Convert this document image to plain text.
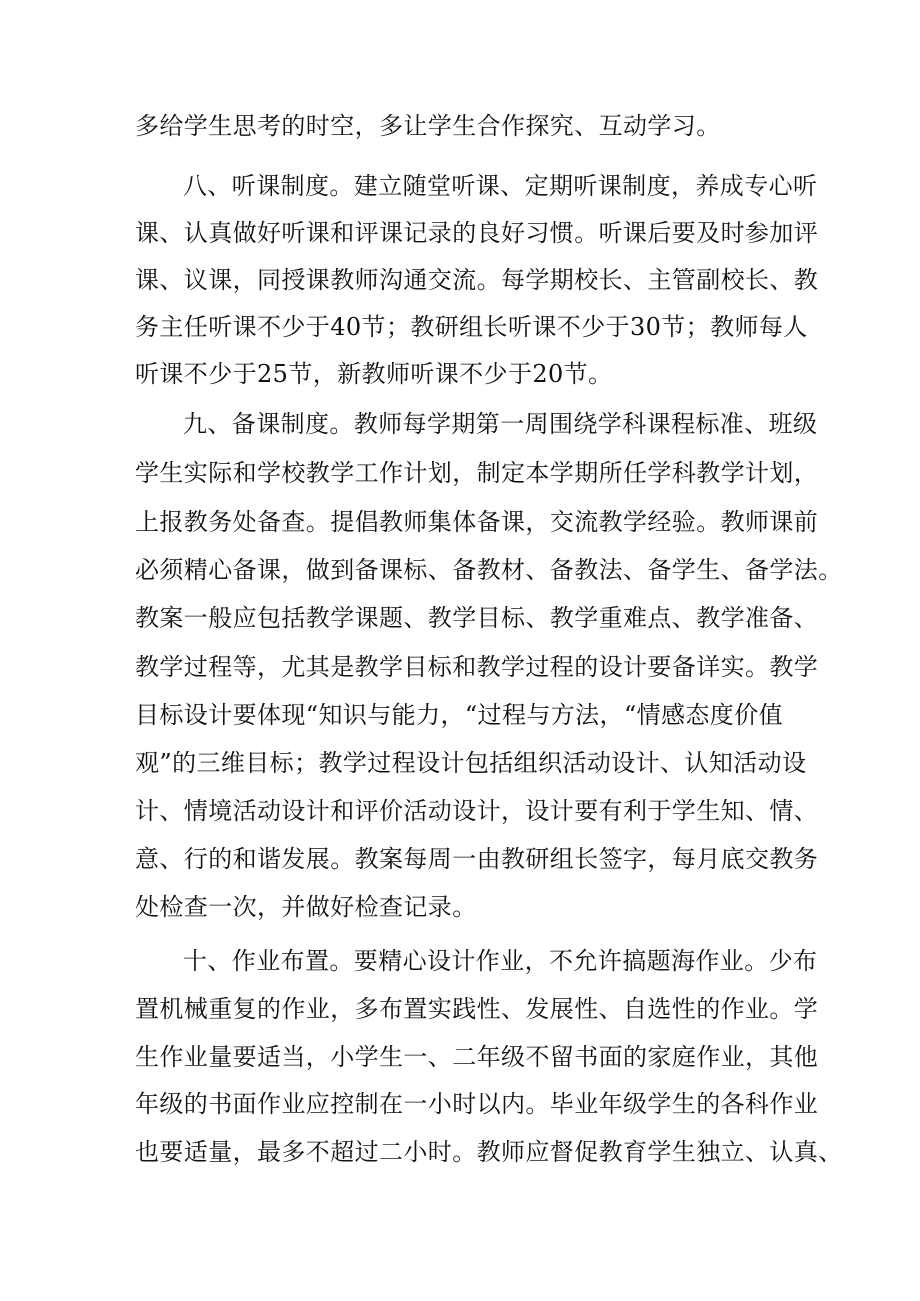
多给学生思考的时空，多让学生合作探究、互动学习。
八、听课制度。建立随堂听课、定期听课制度，养成专心听
课、认真做好听课和评课记录的良好习惯。听课后要及时参加评
课、议课，同授课教师沟通交流。每学期校长、主管副校长、教
务主任听课不少于40节；教研组长听课不少于30节；教师每人
听课不少于25节，新教师听课不少于20节。
九、备课制度。教师每学期第一周围绕学科课程标准、班级
学生实际和学校教学工作计划，制定本学期所任学科教学计划，
上报教务处备查。提倡教师集体备课，交流教学经验。教师课前
必须精心备课，做到备课标、备教材、备教法、备学生、备学法。
教案一般应包括教学课题、教学目标、教学重难点、教学准备、
教学过程等，尤其是教学目标和教学过程的设计要备详实。教学
目标设计要体现“知识与能力，“过程与方法，“情感态度价值
观”的三维目标；教学过程设计包括组织活动设计、认知活动设
计、情境活动设计和评价活动设计，设计要有利于学生知、情、
意、行的和谐发展。教案每周一由教研组长签字，每月底交教务
处检查一次，并做好检查记录。
十、作业布置。要精心设计作业，不允许搞题海作业。少布
置机械重复的作业，多布置实践性、发展性、自选性的作业。学
生作业量要适当，小学生一、二年级不留书面的家庭作业，其他
年级的书面作业应控制在一小时以内。毕业年级学生的各科作业
也要适量，最多不超过二小时。教师应督促教育学生独立、认真、
